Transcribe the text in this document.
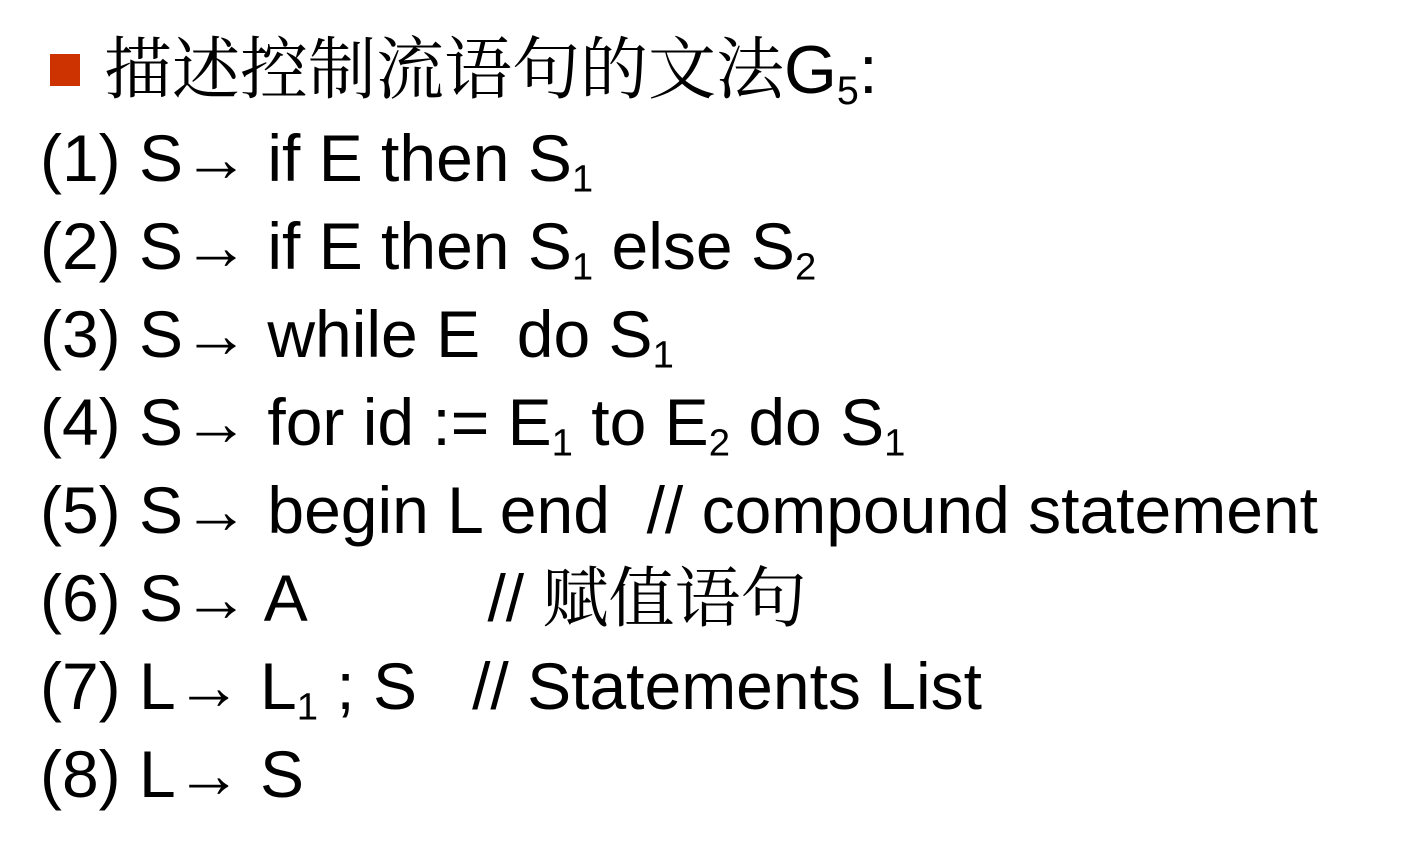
描述控制流语句的文法$G_5$:
(1) S→ if E then $S_1$
(2) S→ if E then $S_1$ else $S_2$
(3) S→ while E  do $S_1$
(4) S→ for id := $E_1$ to $E_2$ do $S_1$
(5) S→ begin L end  // compound statement
(6) S→ A          // 赋值语句
(7) $L\to L_1$ ; S   // Statements List
(8) L→ S
